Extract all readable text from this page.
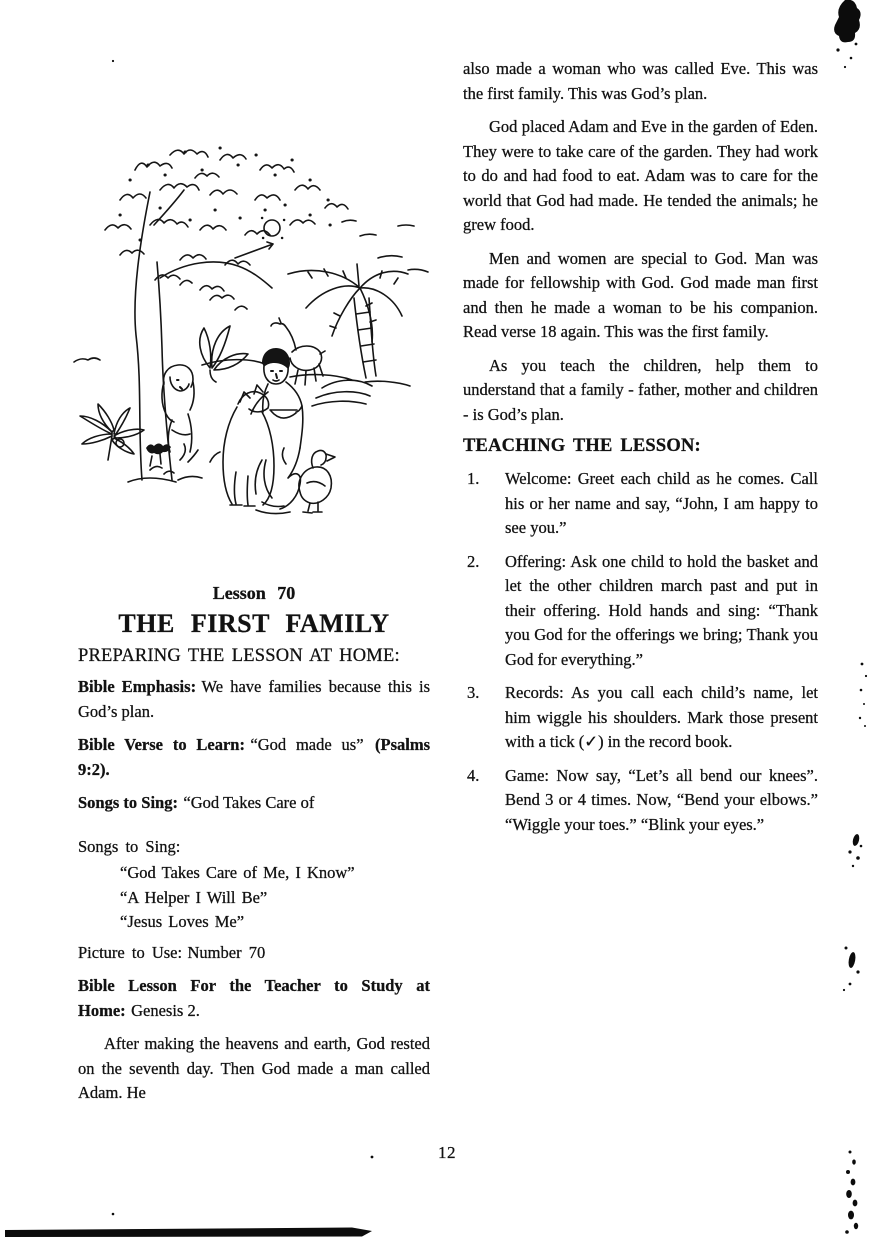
Lesson 70
THE FIRST FAMILY
PREPARING THE LESSON AT HOME:

Bible Emphasis: We have families because this is God’s plan.

Bible Verse to Learn: “God made us” (Psalms 9:2).

Songs to Sing: “God Takes Care of

Songs to Sing:
“God Takes Care of Me, I Know”
“A Helper I Will Be”
“Jesus Loves Me”

Picture to Use: Number 70

Bible Lesson For the Teacher to Study at Home: Genesis 2.

After making the heavens and earth, God rested on the seventh day. Then God made a man called Adam. He

also made a woman who was called Eve. This was the first family. This was God’s plan.

God placed Adam and Eve in the garden of Eden. They were to take care of the garden. They had work to do and had food to eat. Adam was to care for the world that God had made. He tended the animals; he grew food.

Men and women are special to God. Man was made for fellowship with God. God made man first and then he made a woman to be his companion. Read verse 18 again. This was the first family.

As you teach the children, help them to understand that a family - father, mother and children - is God’s plan.

TEACHING THE LESSON:
1.	Welcome: Greet each child as he comes. Call his or her name and say, “John, I am happy to see you.”
2.	Offering: Ask one child to hold the basket and let the other children march past and put in their offering. Hold hands and sing: “Thank you God for the offerings we bring; Thank you God for everything.”
3.	Records: As you call each child’s name, let him wiggle his shoulders. Mark those present with a tick (✓) in the record book.
4.	Game: Now say, “Let’s all bend our knees”. Bend 3 or 4 times. Now, “Bend your elbows.” “Wiggle your toes.” “Blink your eyes.”
12
